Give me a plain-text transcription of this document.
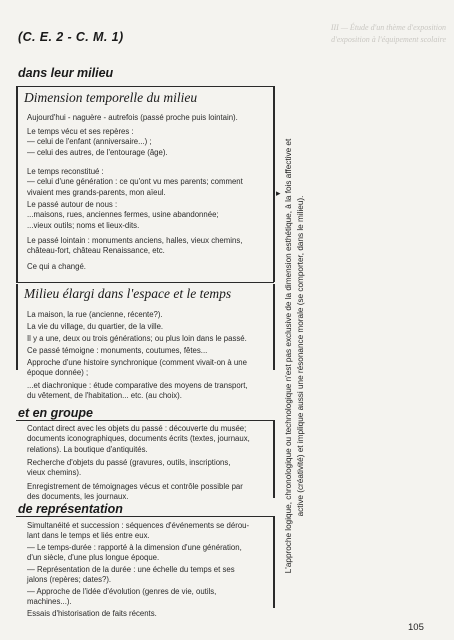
III — Étude d'un thème d'exposition
d'exposition à l'équipement scolaire
(C. E. 2 - C. M. 1)
dans leur milieu
Dimension temporelle du milieu
Aujourd'hui - naguère - autrefois (passé proche puis lointain).
Le temps vécu et ses repères :
— celui de l'enfant (anniversaire...) ;
— celui des autres, de l'entourage (âge).
Le temps reconstitué :
— celui d'une génération : ce qu'ont vu mes parents; comment
vivaient mes grands-parents, mon aïeul.
Le passé autour de nous :
...maisons, rues, anciennes fermes, usine abandonnée;
...vieux outils; noms et lieux-dits.
Le passé lointain : monuments anciens, halles, vieux chemins,
château-fort, château Renaissance, etc.
Ce qui a changé.
Milieu élargi dans l'espace et le temps
La maison, la rue (ancienne, récente?).
La vie du village, du quartier, de la ville.
Il y a une, deux ou trois générations; ou plus loin dans le passé.
Ce passé témoigne : monuments, coutumes, fêtes...
Approche d'une histoire synchronique (comment vivait-on à une
époque donnée) ;
...et diachronique : étude comparative des moyens de transport,
du vêtement, de l'habitation... etc. (au choix).
et en groupe
Contact direct avec les objets du passé : découverte du musée;
documents iconographiques, documents écrits (textes, journaux,
relations). La boutique d'antiquités.
Recherche d'objets du passé (gravures, outils, inscriptions,
vieux chemins).
Enregistrement de témoignages vécus et contrôle possible par
des documents, les journaux.
de représentation
Simultanéité et succession : séquences d'événements se dérou-
lant dans le temps et liés entre eux.
— Le temps-durée : rapporté à la dimension d'une génération,
d'un siècle, d'une plus longue époque.
— Représentation de la durée : une échelle du temps et ses
jalons (repères; dates?).
— Approche de l'idée d'évolution (genres de vie, outils,
machines...).
Essais d'historisation de faits récents.
▸ L'approche logique, chronologique ou technologique n'est pas exclusive de la dimension esthétique, à la fois affective et active (créativité) et implique aussi une résonance morale (se comporter, dans le milieu).
105
